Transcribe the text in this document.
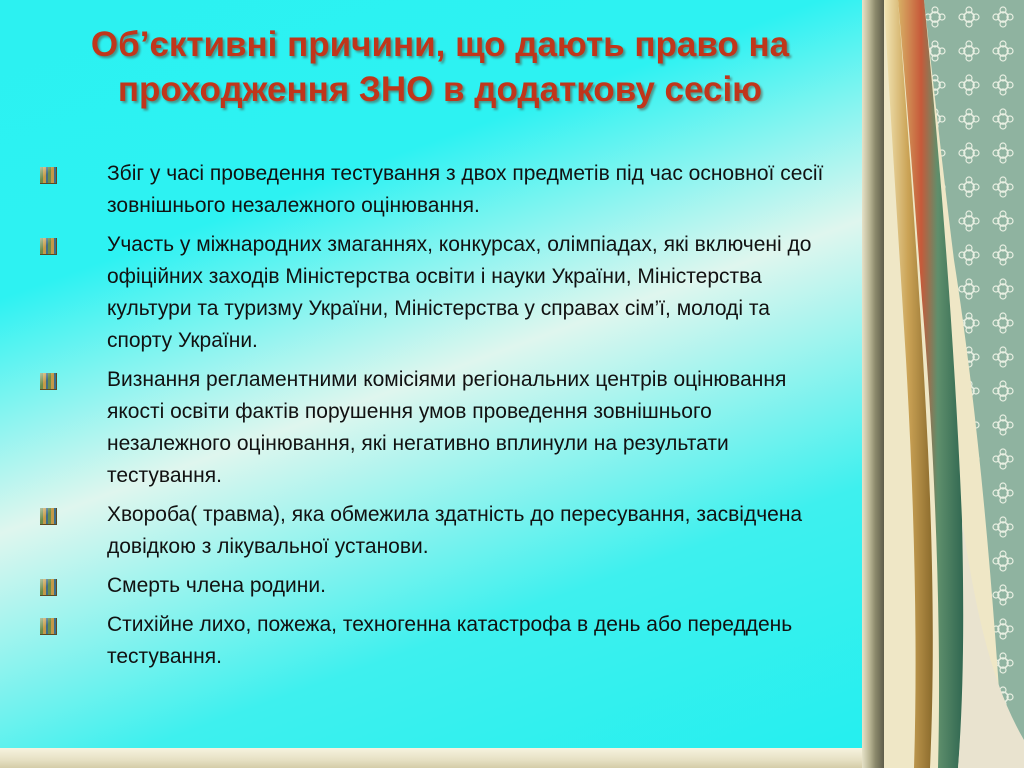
Об’єктивні причини, що дають право на проходження ЗНО в додаткову сесію
Збіг у часі проведення тестування з двох предметів під час основної сесії зовнішнього незалежного оцінювання.
Участь у міжнародних змаганнях, конкурсах, олімпіадах, які включені до офіційних заходів Міністерства освіти і науки України, Міністерства культури та туризму України, Міністерства у справах сім’ї, молоді та спорту України.
Визнання регламентними комісіями регіональних центрів оцінювання якості освіти фактів порушення умов проведення зовнішнього незалежного оцінювання, які негативно вплинули на результати тестування.
Хвороба( травма), яка обмежила здатність до пересування, засвідчена довідкою з лікувальної установи.
Смерть члена родини.
Стихійне лихо, пожежа, техногенна катастрофа в день або переддень тестування.
